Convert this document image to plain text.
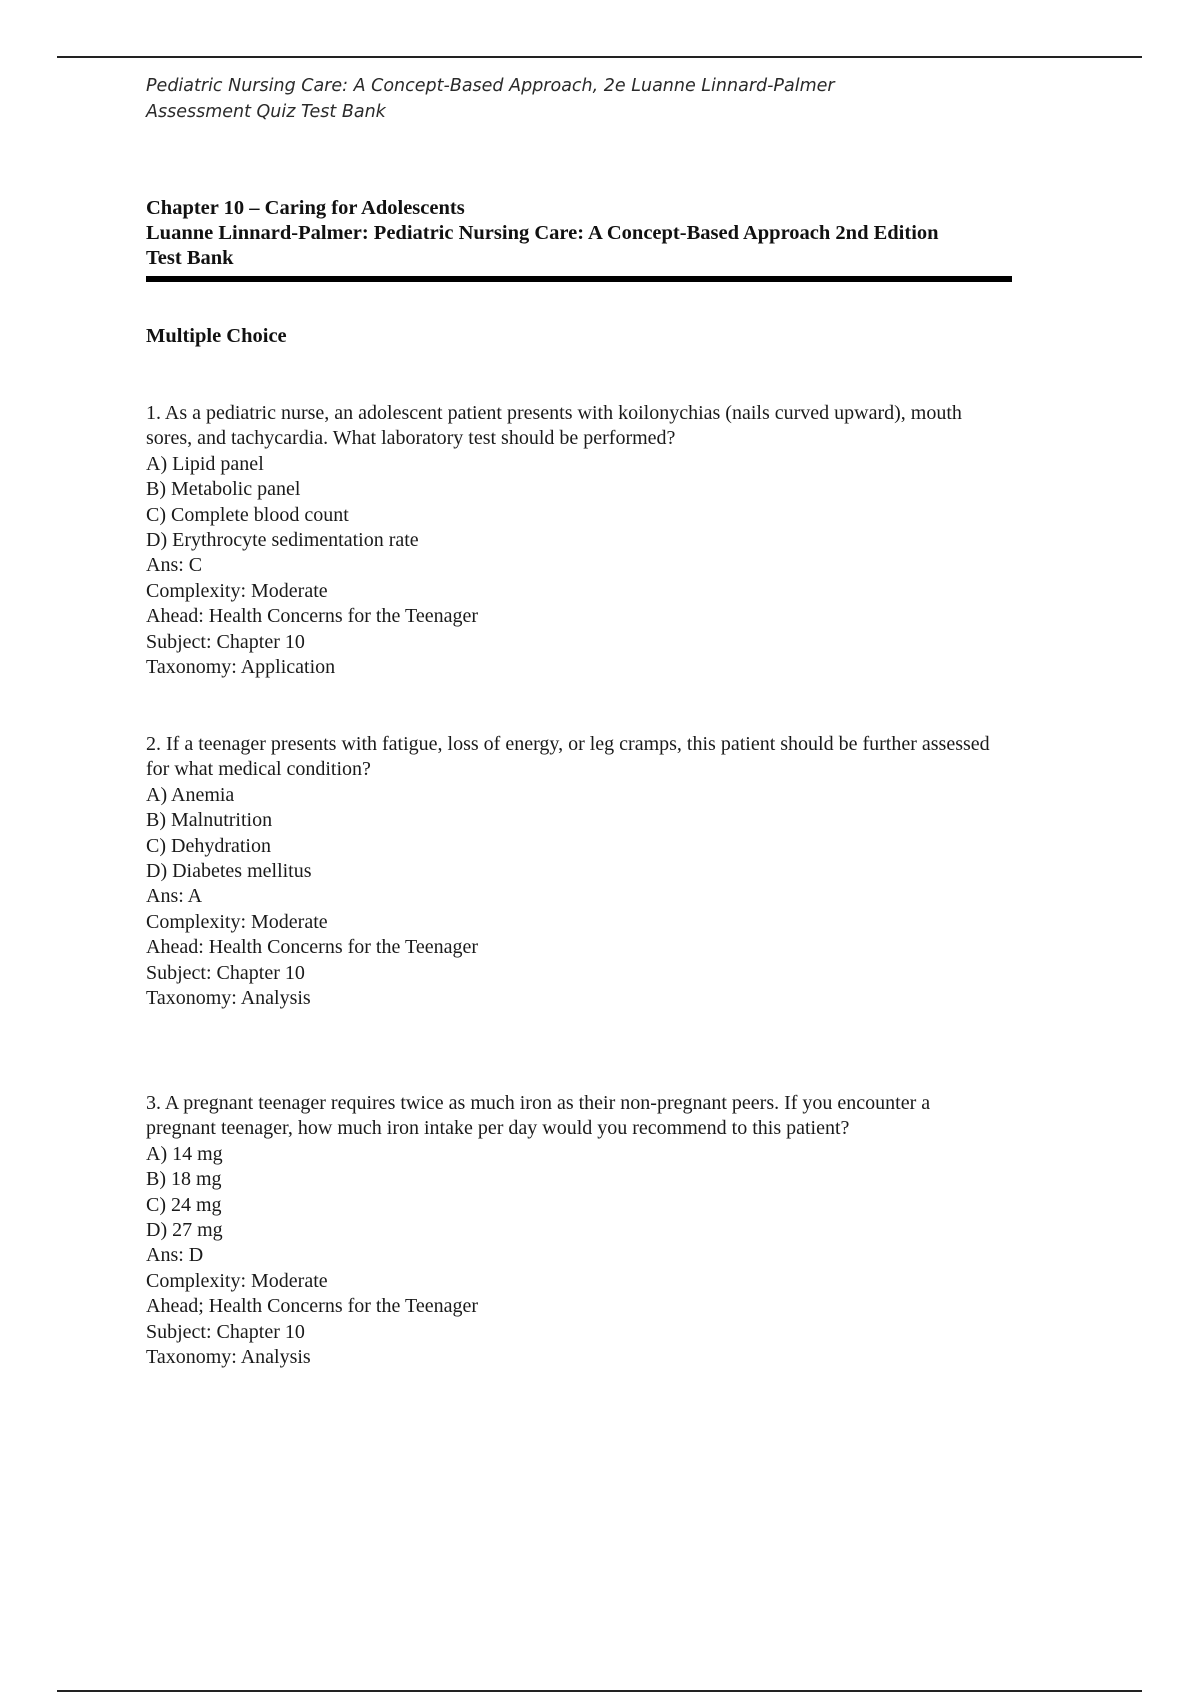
Pediatric Nursing Care: A Concept-Based Approach, 2e Luanne Linnard-Palmer
Assessment Quiz Test Bank
Chapter 10 – Caring for Adolescents
Luanne Linnard-Palmer: Pediatric Nursing Care: A Concept-Based Approach 2nd Edition
Test Bank
Multiple Choice
1. As a pediatric nurse, an adolescent patient presents with koilonychias (nails curved upward), mouth
sores, and tachycardia. What laboratory test should be performed?
A) Lipid panel
B) Metabolic panel
C) Complete blood count
D) Erythrocyte sedimentation rate
Ans: C
Complexity: Moderate
Ahead: Health Concerns for the Teenager
Subject: Chapter 10
Taxonomy: Application
2. If a teenager presents with fatigue, loss of energy, or leg cramps, this patient should be further assessed
for what medical condition?
A) Anemia
B) Malnutrition
C) Dehydration
D) Diabetes mellitus
Ans: A
Complexity: Moderate
Ahead: Health Concerns for the Teenager
Subject: Chapter 10
Taxonomy: Analysis
3. A pregnant teenager requires twice as much iron as their non-pregnant peers. If you encounter a
pregnant teenager, how much iron intake per day would you recommend to this patient?
A) 14 mg
B) 18 mg
C) 24 mg
D) 27 mg
Ans: D
Complexity: Moderate
Ahead; Health Concerns for the Teenager
Subject: Chapter 10
Taxonomy: Analysis
